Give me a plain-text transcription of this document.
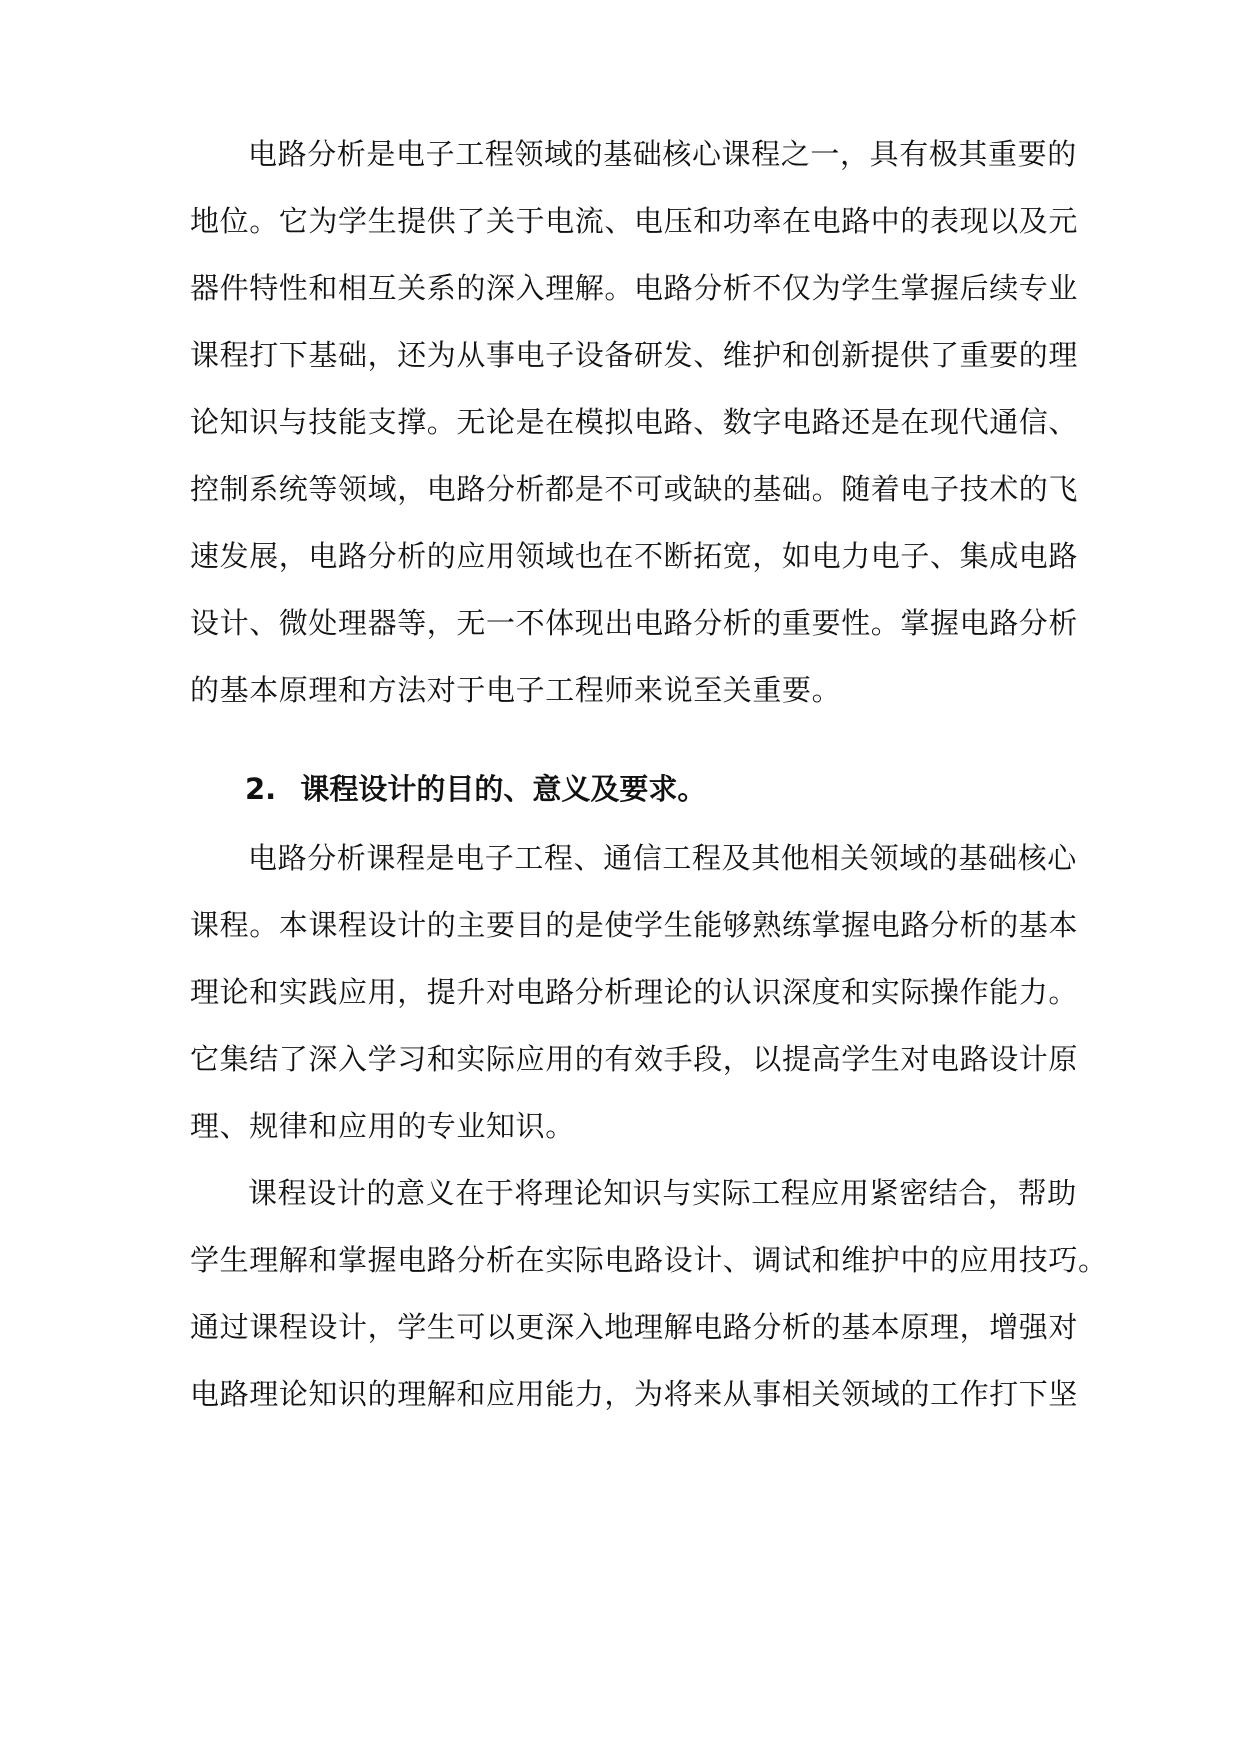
电路分析是电子工程领域的基础核心课程之一，具有极其重要的
地位。它为学生提供了关于电流、电压和功率在电路中的表现以及元
器件特性和相互关系的深入理解。电路分析不仅为学生掌握后续专业
课程打下基础，还为从事电子设备研发、维护和创新提供了重要的理
论知识与技能支撑。无论是在模拟电路、数字电路还是在现代通信、
控制系统等领域，电路分析都是不可或缺的基础。随着电子技术的飞
速发展，电路分析的应用领域也在不断拓宽，如电力电子、集成电路
设计、微处理器等，无一不体现出电路分析的重要性。掌握电路分析
的基本原理和方法对于电子工程师来说至关重要。
2. 课程设计的目的、意义及要求。
电路分析课程是电子工程、通信工程及其他相关领域的基础核心
课程。本课程设计的主要目的是使学生能够熟练掌握电路分析的基本
理论和实践应用，提升对电路分析理论的认识深度和实际操作能力。
它集结了深入学习和实际应用的有效手段，以提高学生对电路设计原
理、规律和应用的专业知识。
课程设计的意义在于将理论知识与实际工程应用紧密结合，帮助
学生理解和掌握电路分析在实际电路设计、调试和维护中的应用技巧。
通过课程设计，学生可以更深入地理解电路分析的基本原理，增强对
电路理论知识的理解和应用能力，为将来从事相关领域的工作打下坚
